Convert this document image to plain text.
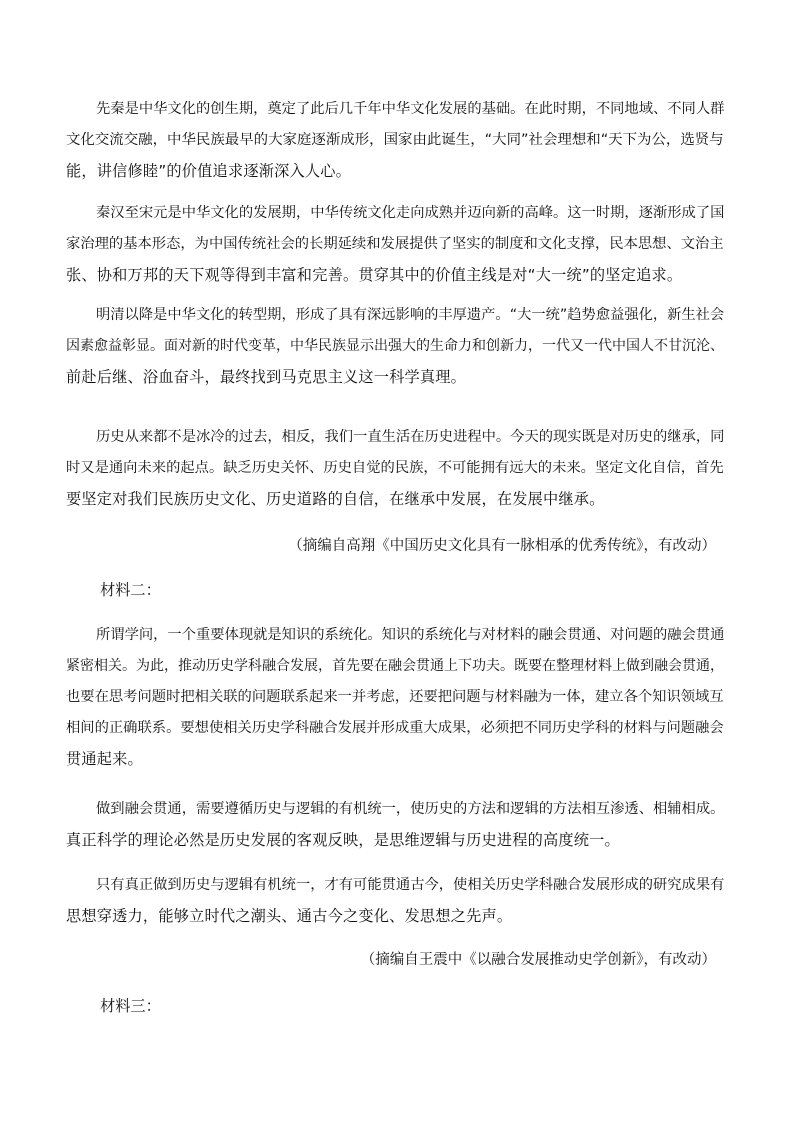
先秦是中华文化的创生期，奠定了此后几千年中华文化发展的基础。在此时期，不同地域、不同人群
文化交流交融，中华民族最早的大家庭逐渐成形，国家由此诞生，“大同”社会理想和“天下为公，选贤与
能，讲信修睦”的价值追求逐渐深入人心。
秦汉至宋元是中华文化的发展期，中华传统文化走向成熟并迈向新的高峰。这一时期，逐渐形成了国
家治理的基本形态，为中国传统社会的长期延续和发展提供了坚实的制度和文化支撑，民本思想、文治主
张、协和万邦的天下观等得到丰富和完善。贯穿其中的价值主线是对“大一统”的坚定追求。
明清以降是中华文化的转型期，形成了具有深远影响的丰厚遗产。“大一统”趋势愈益强化，新生社会
因素愈益彰显。面对新的时代变革，中华民族显示出强大的生命力和创新力，一代又一代中国人不甘沉沦、
前赴后继、浴血奋斗，最终找到马克思主义这一科学真理。
历史从来都不是冰冷的过去，相反，我们一直生活在历史进程中。今天的现实既是对历史的继承，同
时又是通向未来的起点。缺乏历史关怀、历史自觉的民族，不可能拥有远大的未来。坚定文化自信，首先
要坚定对我们民族历史文化、历史道路的自信，在继承中发展，在发展中继承。
（摘编自高翔《中国历史文化具有一脉相承的优秀传统》，有改动）
材料二：
所谓学问，一个重要体现就是知识的系统化。知识的系统化与对材料的融会贯通、对问题的融会贯通
紧密相关。为此，推动历史学科融合发展，首先要在融会贯通上下功夫。既要在整理材料上做到融会贯通，
也要在思考问题时把相关联的问题联系起来一并考虑，还要把问题与材料融为一体，建立各个知识领域互
相间的正确联系。要想使相关历史学科融合发展并形成重大成果，必须把不同历史学科的材料与问题融会
贯通起来。
做到融会贯通，需要遵循历史与逻辑的有机统一，使历史的方法和逻辑的方法相互渗透、相辅相成。
真正科学的理论必然是历史发展的客观反映，是思维逻辑与历史进程的高度统一。
只有真正做到历史与逻辑有机统一，才有可能贯通古今，使相关历史学科融合发展形成的研究成果有
思想穿透力，能够立时代之潮头、通古今之变化、发思想之先声。
（摘编自王震中《以融合发展推动史学创新》，有改动）
材料三：
